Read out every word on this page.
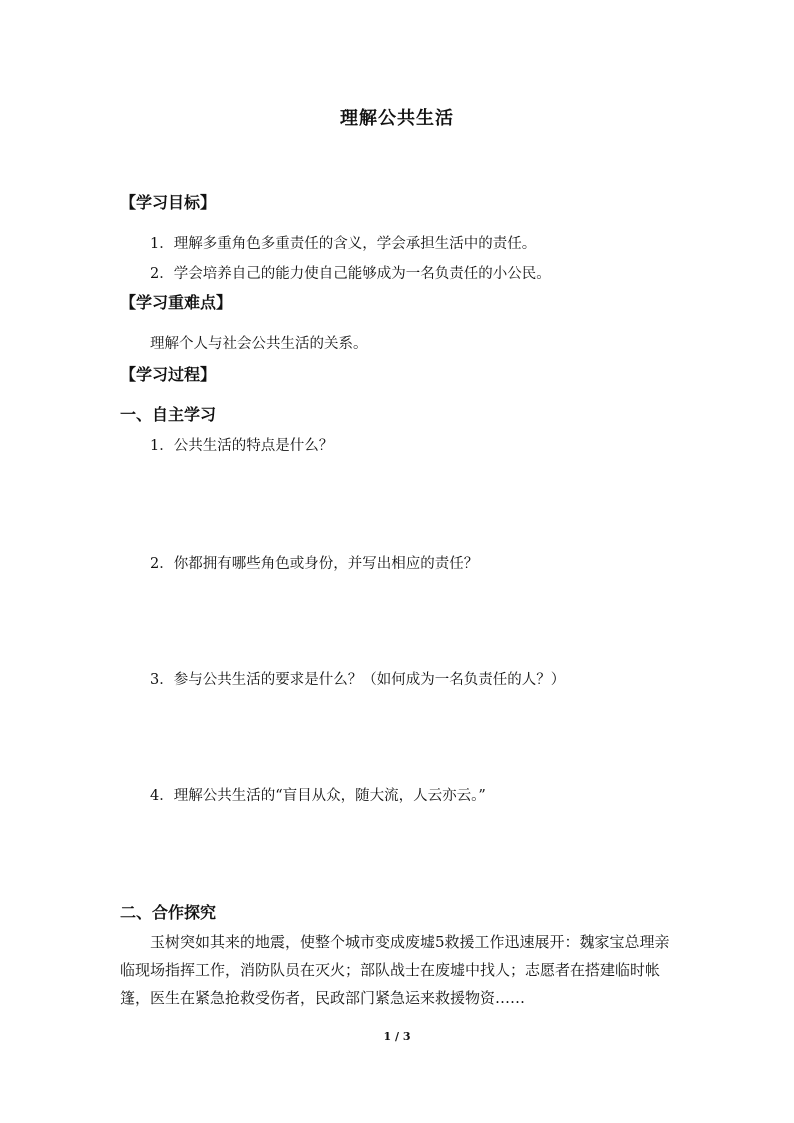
理解公共生活
【学习目标】
1．理解多重角色多重责任的含义，学会承担生活中的责任。
2．学会培养自己的能力使自己能够成为一名负责任的小公民。
【学习重难点】
理解个人与社会公共生活的关系。
【学习过程】
一、自主学习
1．公共生活的特点是什么？
2．你都拥有哪些角色或身份，并写出相应的责任？
3．参与公共生活的要求是什么？（如何成为一名负责任的人？）
4．理解公共生活的“盲目从众，随大流，人云亦云。”
二、合作探究
玉树突如其来的地震，使整个城市变成废墟5救援工作迅速展开：魏家宝总理亲临现场指挥工作，消防队员在灭火；部队战士在废墟中找人；志愿者在搭建临时帐篷，医生在紧急抢救受伤者，民政部门紧急运来救援物资……
1 / 3
